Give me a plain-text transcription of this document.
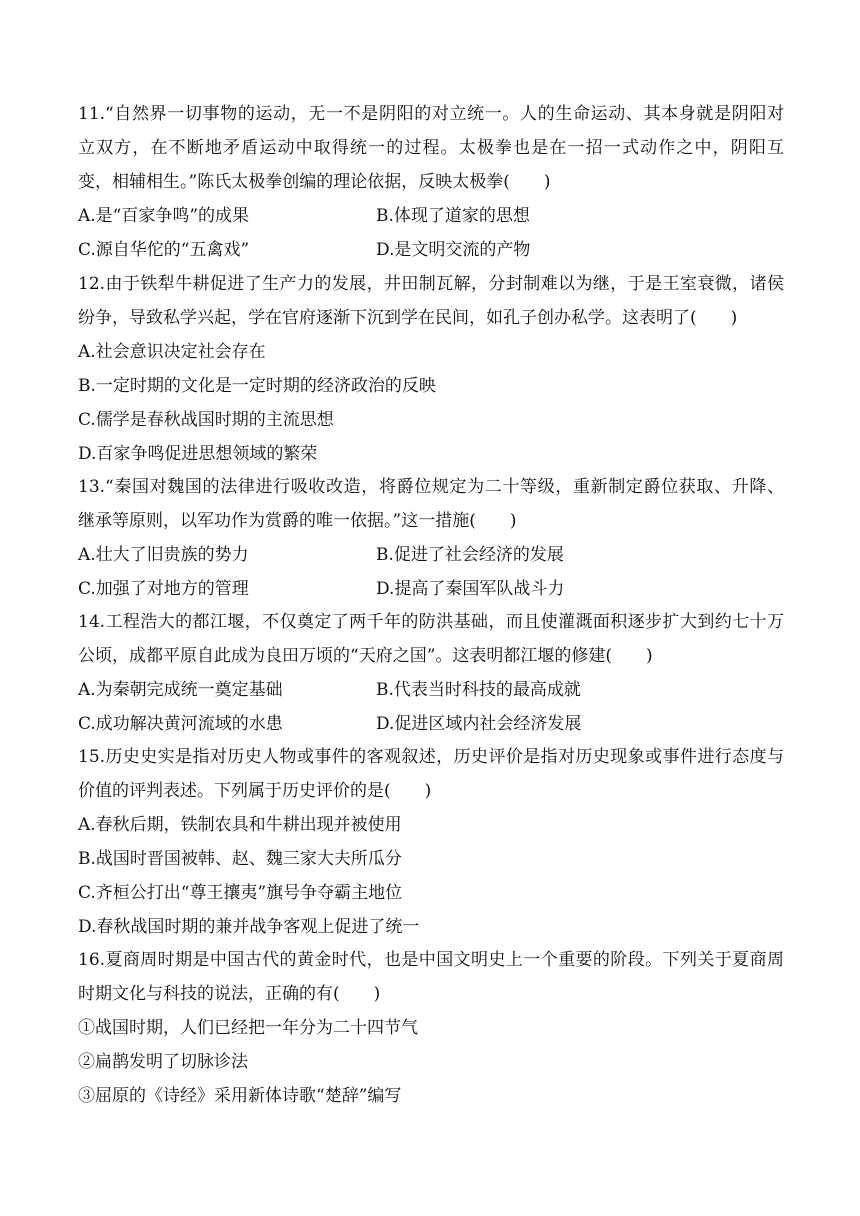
11.“自然界一切事物的运动，无一不是阴阳的对立统一。人的生命运动、其本身就是阴阳对
立双方，在不断地矛盾运动中取得统一的过程。太极拳也是在一招一式动作之中，阴阳互
变，相辅相生。”陈氏太极拳创编的理论依据，反映太极拳(　　)
A.是“百家争鸣”的成果	B.体现了道家的思想
C.源自华佗的“五禽戏”	D.是文明交流的产物
12.由于铁犁牛耕促进了生产力的发展，井田制瓦解，分封制难以为继，于是王室衰微，诸侯
纷争，导致私学兴起，学在官府逐渐下沉到学在民间，如孔子创办私学。这表明了(　　)
A.社会意识决定社会存在
B.一定时期的文化是一定时期的经济政治的反映
C.儒学是春秋战国时期的主流思想
D.百家争鸣促进思想领域的繁荣
13.“秦国对魏国的法律进行吸收改造，将爵位规定为二十等级，重新制定爵位获取、升降、
继承等原则，以军功作为赏爵的唯一依据。”这一措施(　　)
A.壮大了旧贵族的势力	B.促进了社会经济的发展
C.加强了对地方的管理	D.提高了秦国军队战斗力
14.工程浩大的都江堰，不仅奠定了两千年的防洪基础，而且使灌溉面积逐步扩大到约七十万
公顷，成都平原自此成为良田万顷的“天府之国”。这表明都江堰的修建(　　)
A.为秦朝完成统一奠定基础	B.代表当时科技的最高成就
C.成功解决黄河流域的水患	D.促进区域内社会经济发展
15.历史史实是指对历史人物或事件的客观叙述，历史评价是指对历史现象或事件进行态度与
价值的评判表述。下列属于历史评价的是(　　)
A.春秋后期，铁制农具和牛耕出现并被使用
B.战国时晋国被韩、赵、魏三家大夫所瓜分
C.齐桓公打出“尊王攘夷”旗号争夺霸主地位
D.春秋战国时期的兼并战争客观上促进了统一
16.夏商周时期是中国古代的黄金时代，也是中国文明史上一个重要的阶段。下列关于夏商周
时期文化与科技的说法，正确的有(　　)
①战国时期，人们已经把一年分为二十四节气
②扁鹊发明了切脉诊法
③屈原的《诗经》采用新体诗歌“楚辞”编写
